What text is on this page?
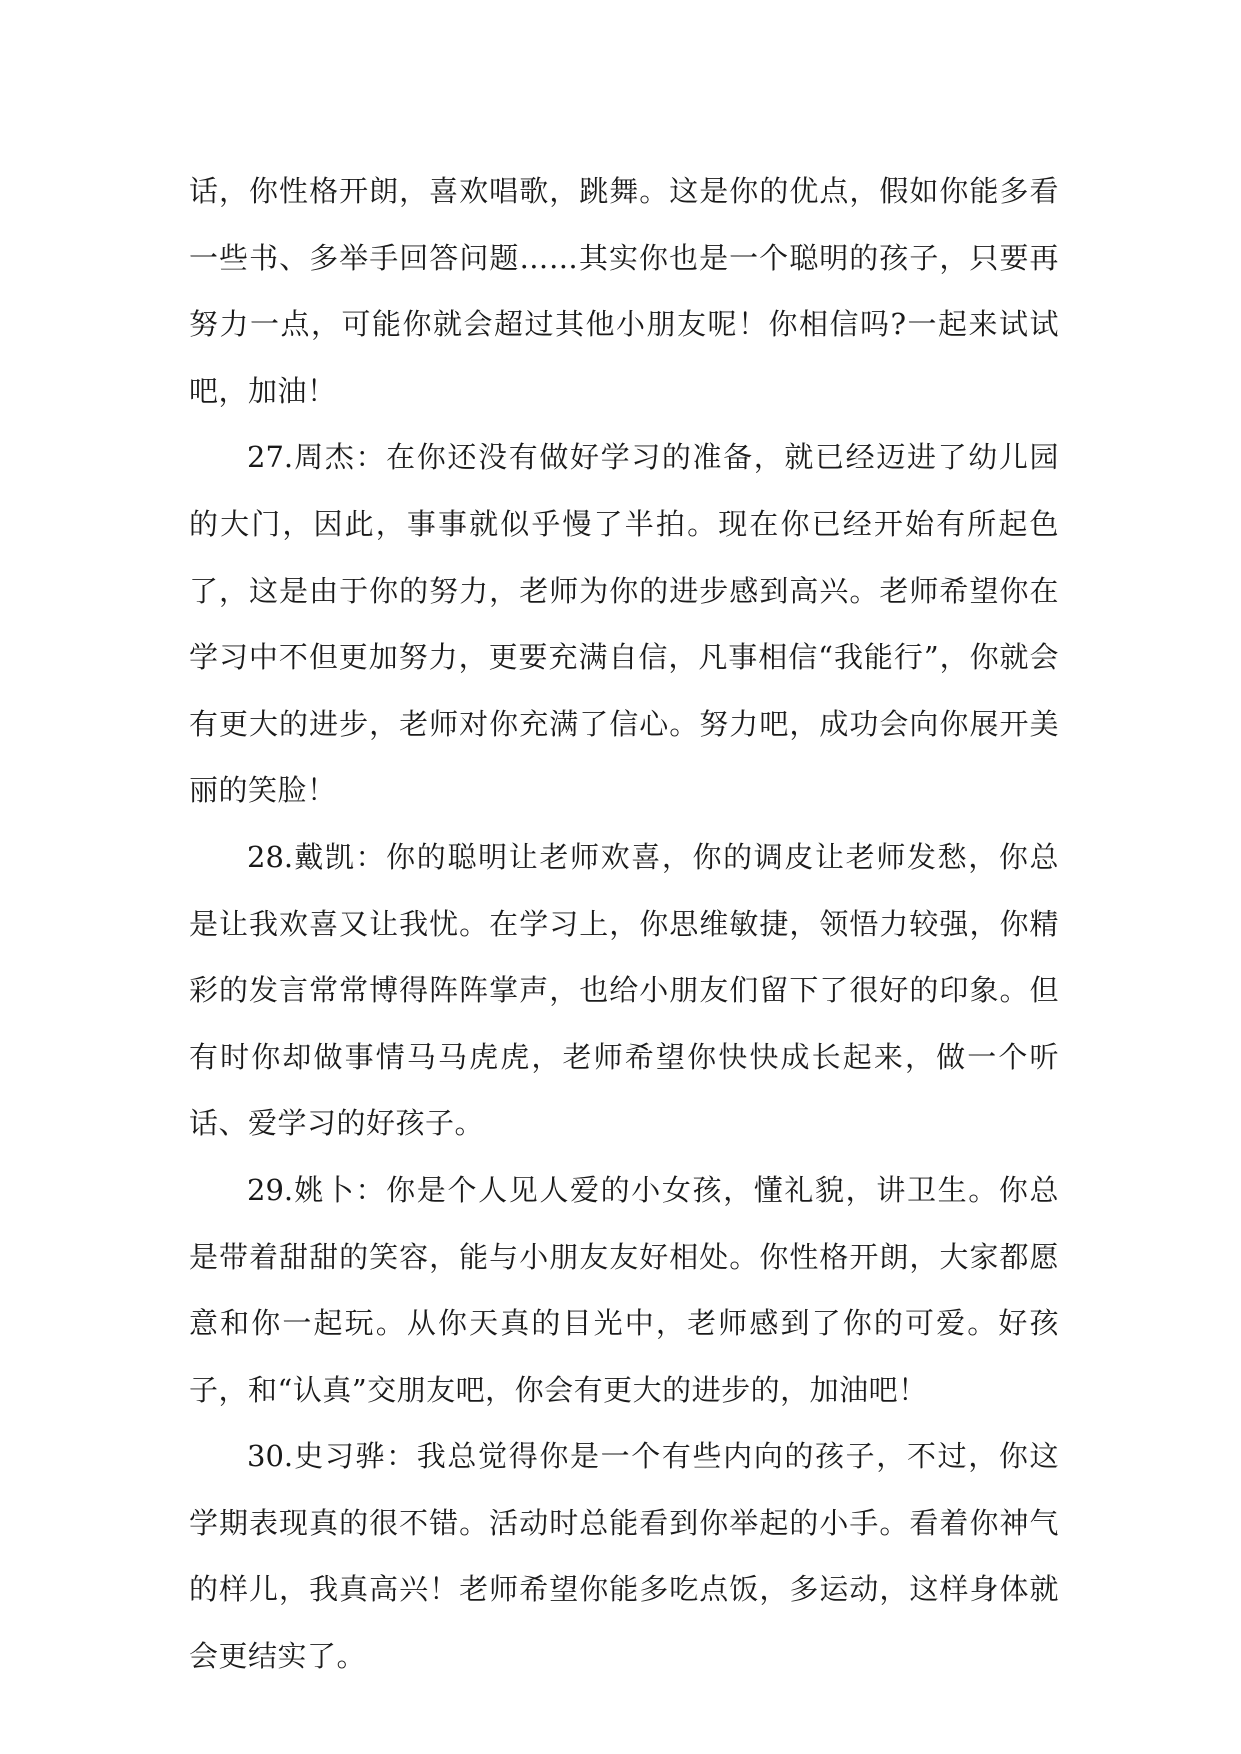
话，你性格开朗，喜欢唱歌，跳舞。这是你的优点，假如你能多看一些书、多举手回答问题……其实你也是一个聪明的孩子，只要再努力一点，可能你就会超过其他小朋友呢！你相信吗?一起来试试吧，加油！

27.周杰：在你还没有做好学习的准备，就已经迈进了幼儿园的大门，因此，事事就似乎慢了半拍。现在你已经开始有所起色了，这是由于你的努力，老师为你的进步感到高兴。老师希望你在学习中不但更加努力，更要充满自信，凡事相信“我能行”，你就会有更大的进步，老师对你充满了信心。努力吧，成功会向你展开美丽的笑脸！

28.戴凯：你的聪明让老师欢喜，你的调皮让老师发愁，你总是让我欢喜又让我忧。在学习上，你思维敏捷，领悟力较强，你精彩的发言常常博得阵阵掌声，也给小朋友们留下了很好的印象。但有时你却做事情马马虎虎，老师希望你快快成长起来，做一个听话、爱学习的好孩子。

29.姚卜：你是个人见人爱的小女孩，懂礼貌，讲卫生。你总是带着甜甜的笑容，能与小朋友友好相处。你性格开朗，大家都愿意和你一起玩。从你天真的目光中，老师感到了你的可爱。好孩子，和“认真”交朋友吧，你会有更大的进步的，加油吧！

30.史习骅：我总觉得你是一个有些内向的孩子，不过，你这学期表现真的很不错。活动时总能看到你举起的小手。看着你神气的样儿，我真高兴！老师希望你能多吃点饭，多运动，这样身体就会更结实了。
